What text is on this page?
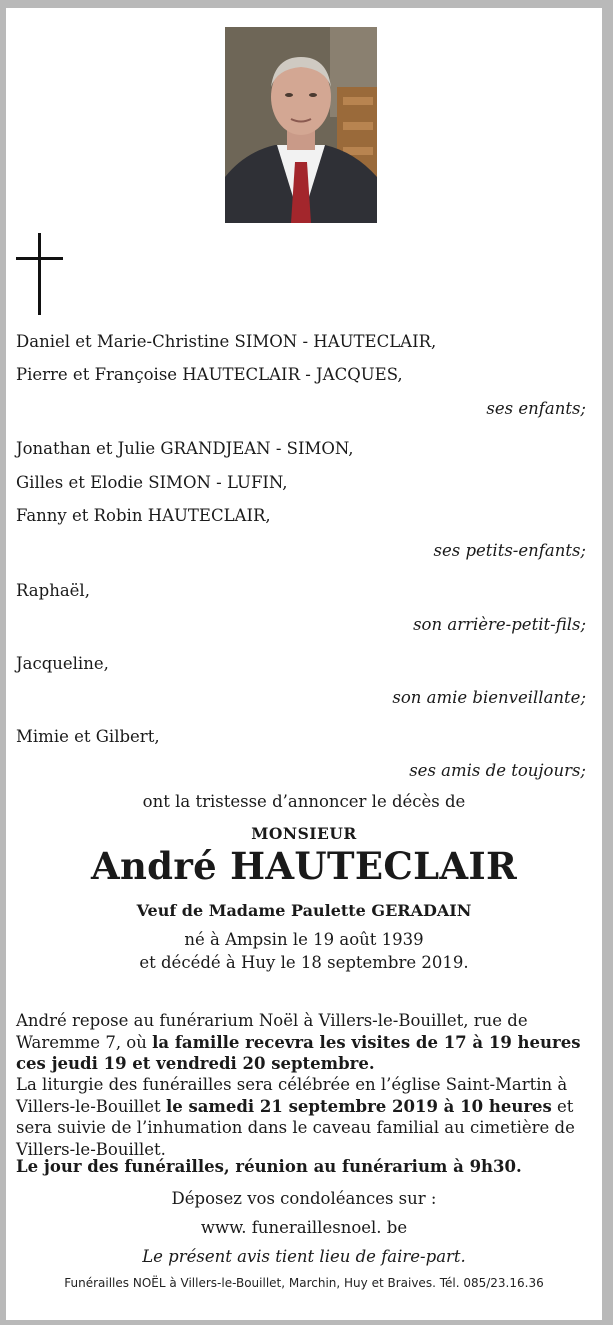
Daniel et Marie-Christine SIMON - HAUTECLAIR,
Pierre et Françoise HAUTECLAIR - JACQUES,
ses enfants;
Jonathan et Julie GRANDJEAN - SIMON,
Gilles et Elodie SIMON - LUFIN,
Fanny et Robin HAUTECLAIR,
ses petits-enfants;
Raphaël,
son arrière-petit-fils;
Jacqueline,
son amie bienveillante;
Mimie et Gilbert,
ses amis de toujours;
ont la tristesse d’annoncer le décès de
MONSIEUR
André HAUTECLAIR
Veuf de Madame Paulette GERADAIN
né à Ampsin le 19 août 1939
et décédé à Huy le 18 septembre 2019.
André repose au funérarium Noël à Villers-le-Bouillet, rue de Waremme 7, où la famille recevra les visites de 17 à 19 heures ces jeudi 19 et vendredi 20 septembre.
La liturgie des funérailles sera célébrée en l’église Saint-Martin à Villers-le-Bouillet le samedi 21 septembre 2019 à 10 heures et sera suivie de l’inhumation dans le caveau familial au cimetière de Villers-le-Bouillet.
Le jour des funérailles, réunion au funérarium à 9h30.
Déposez vos condoléances sur :
www. funeraillesnoel. be
Le présent avis tient lieu de faire-part.
Funérailles NOËL à Villers-le-Bouillet, Marchin, Huy et Braives. Tél. 085/23.16.36
